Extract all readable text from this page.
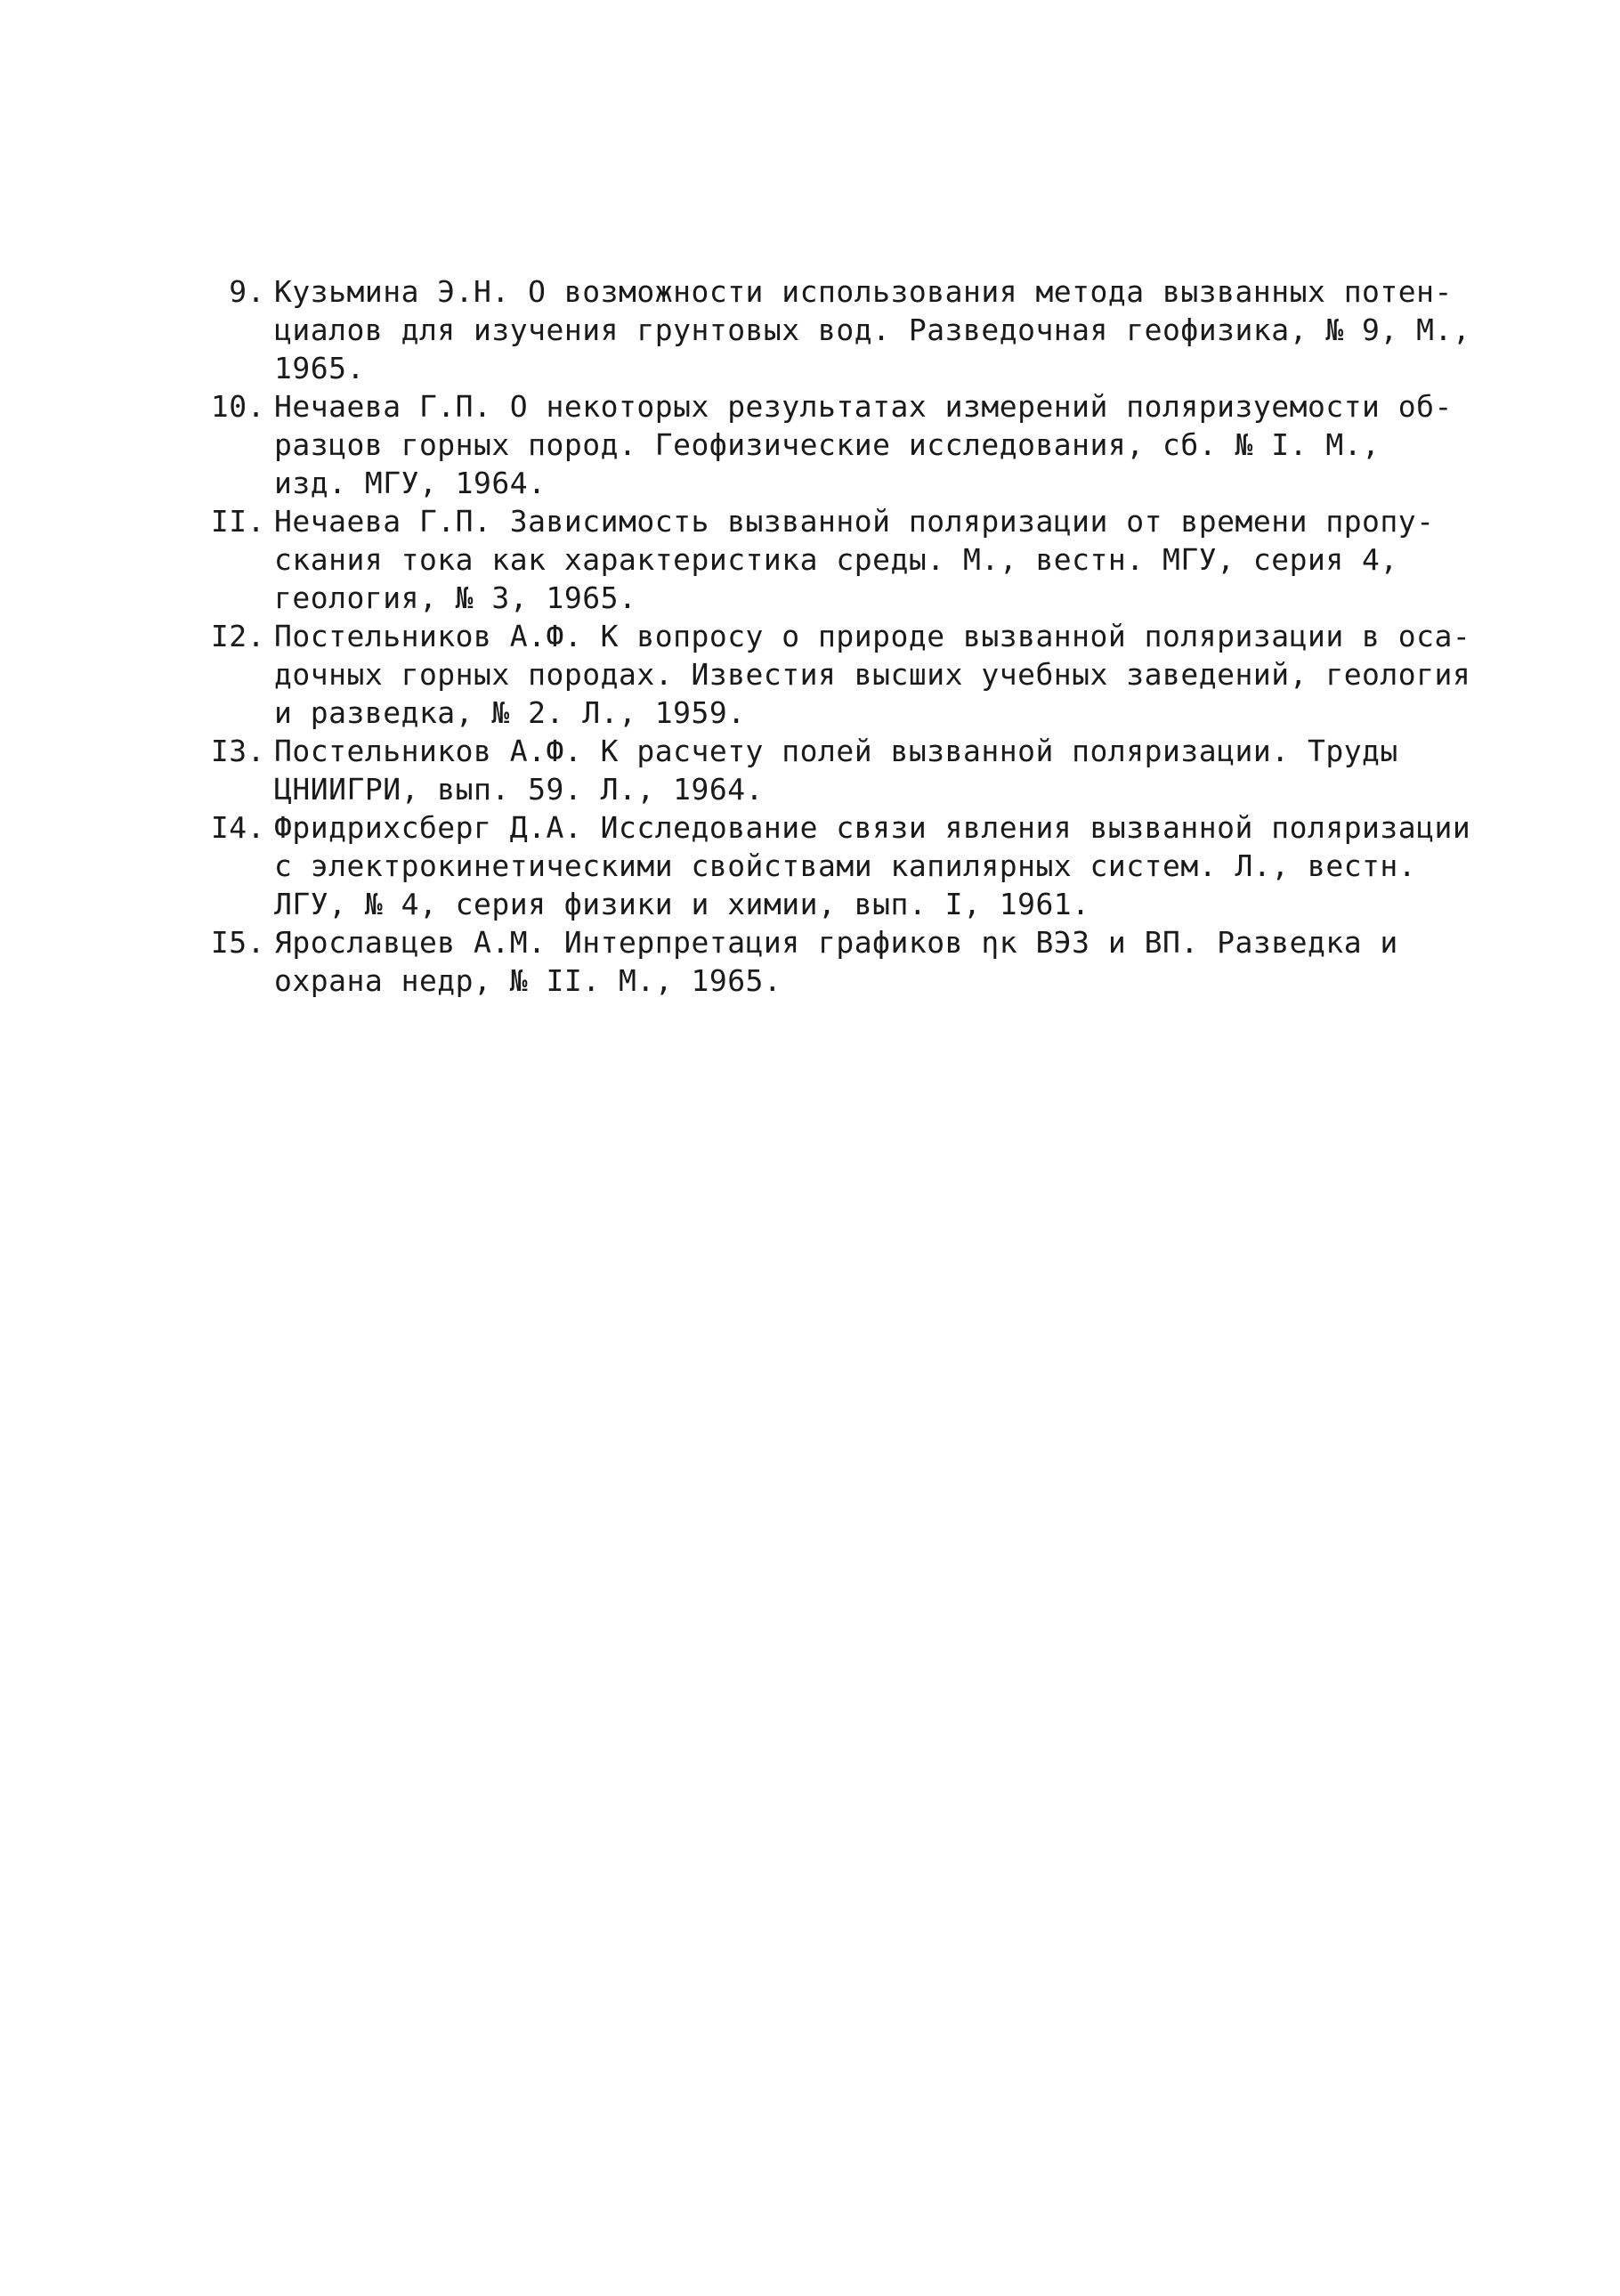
9. Кузьмина Э.Н. О возможности использования метода вызванных потен-
циалов для изучения грунтовых вод. Разведочная геофизика, № 9, М.,
1965.
10. Нечаева Г.П. О некоторых результатах измерений поляризуемости об-
разцов горных пород. Геофизические исследования, сб. № I. М.,
изд. МГУ, 1964.
II. Нечаева Г.П. Зависимость вызванной поляризации от времени пропу-
скания тока как характеристика среды. М., вестн. МГУ, серия 4,
геология, № 3, 1965.
I2. Постельников А.Ф. К вопросу о природе вызванной поляризации в оса-
дочных горных породах. Известия высших учебных заведений, геология
и разведка, № 2. Л., 1959.
I3. Постельников А.Ф. К расчету полей вызванной поляризации. Труды
ЦНИИГРИ, вып. 59. Л., 1964.
I4. Фридрихсберг Д.А. Исследование связи явления вызванной поляризации
с электрокинетическими свойствами капилярных систем. Л., вестн.
ЛГУ, № 4, серия физики и химии, вып. I, 1961.
I5. Ярославцев А.М. Интерпретация графиков ηк ВЭЗ и ВП. Разведка и
охрана недр, № II. М., 1965.
